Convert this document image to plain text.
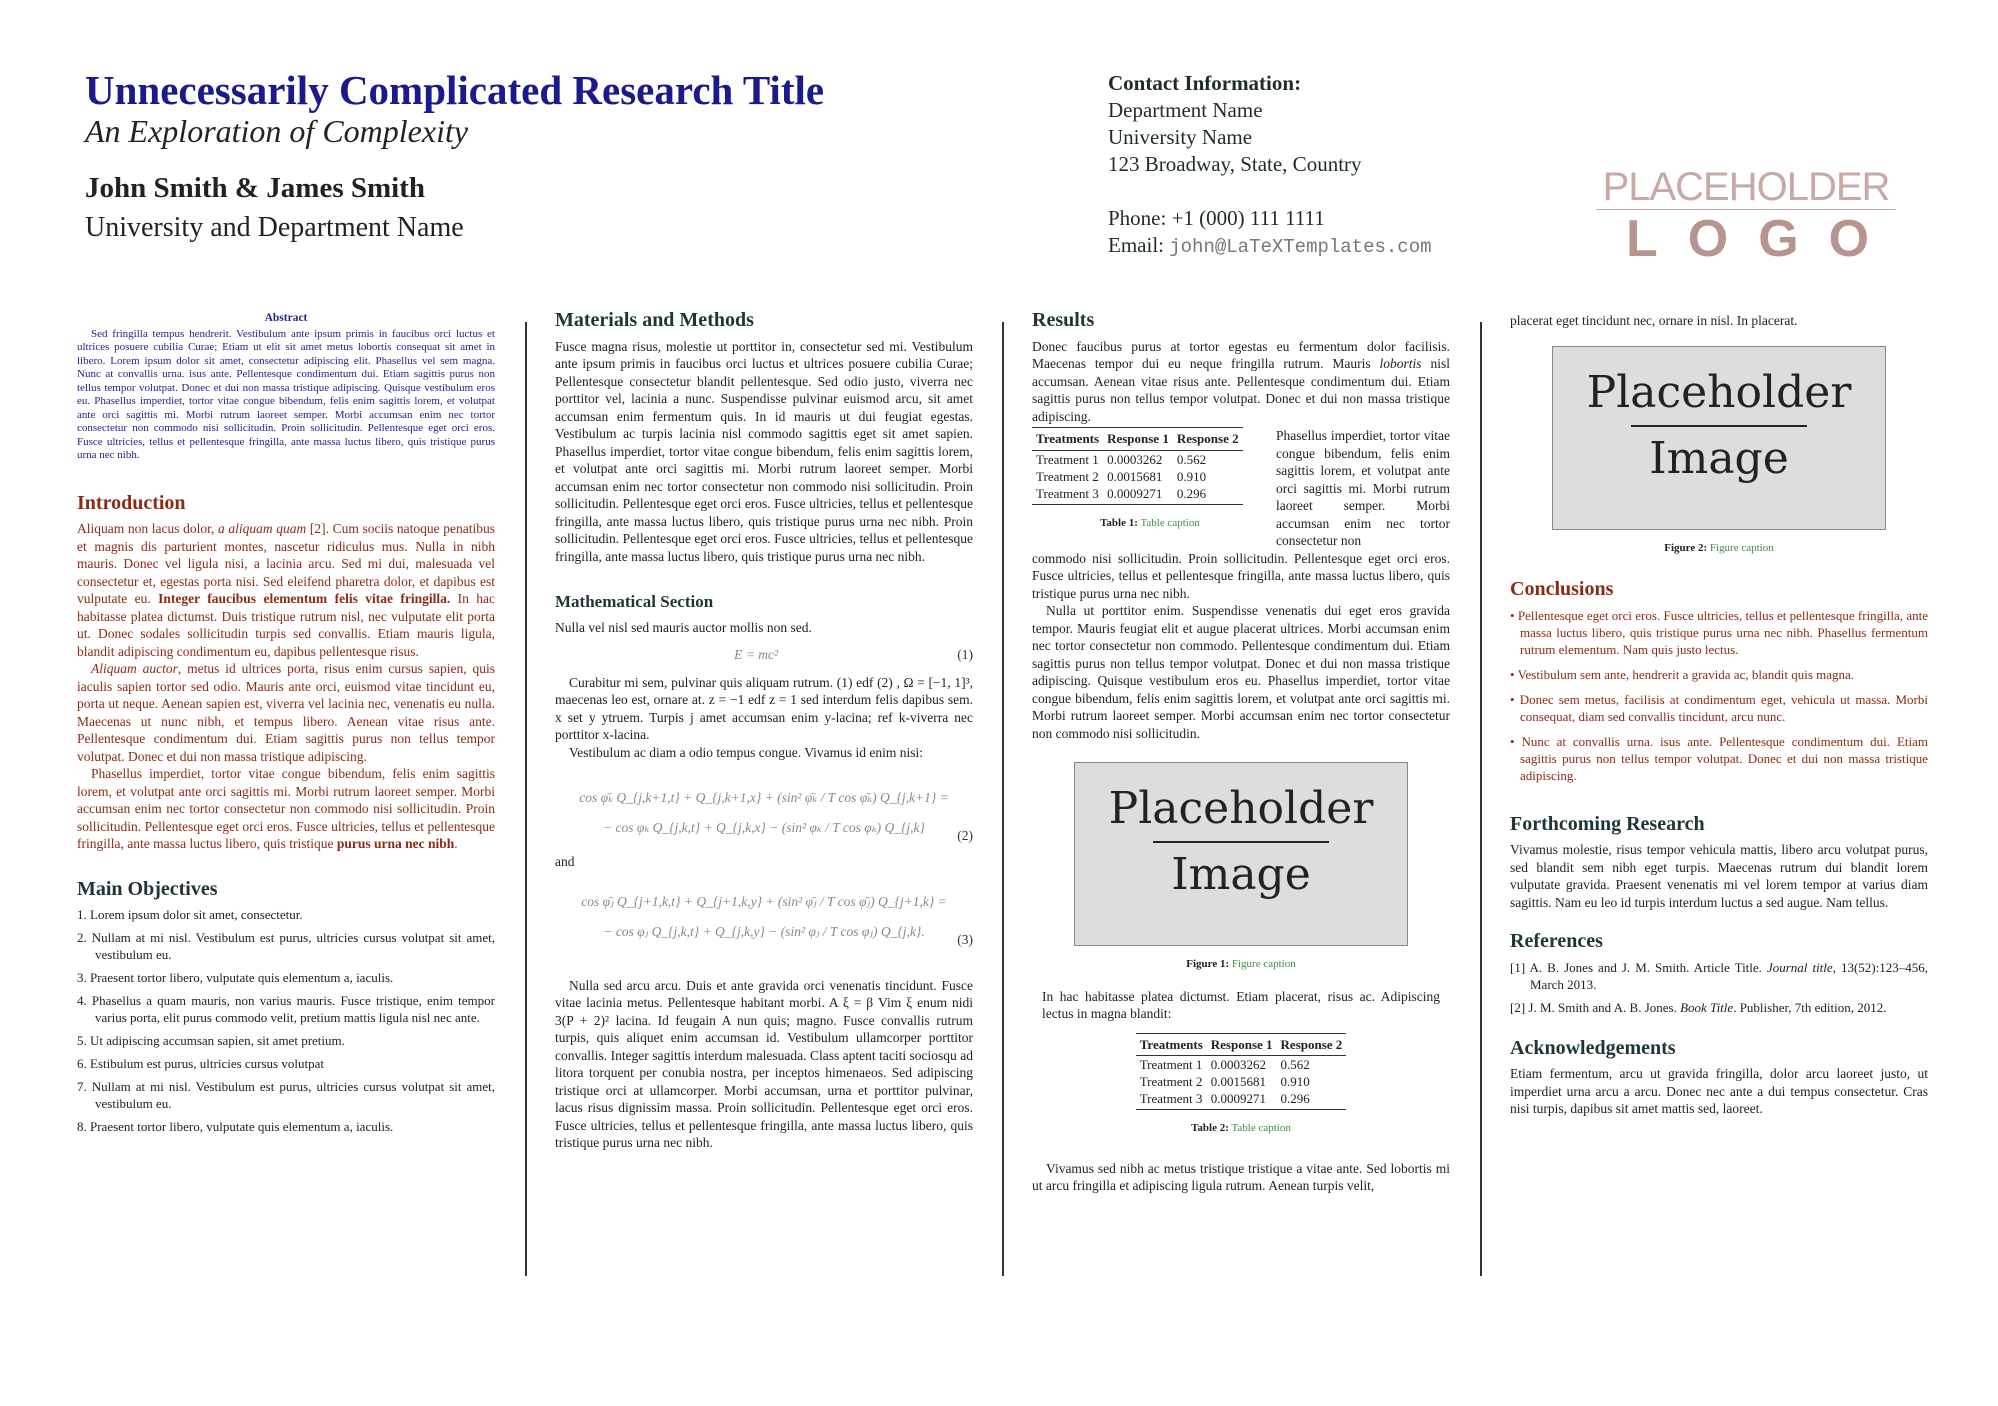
Unnecessarily Complicated Research Title
An Exploration of Complexity
John Smith & James Smith
University and Department Name
Contact Information:
Department Name
University Name
123 Broadway, State, Country
Phone: +1 (000) 111 1111
Email: john@LaTeXTemplates.com
PLACEHOLDER
LOGO
Abstract

Sed fringilla tempus hendrerit. Vestibulum ante ipsum primis in faucibus orci luctus et ultrices posuere cubilia Curae; Etiam ut elit sit amet metus lobortis consequat sit amet in libero. Lorem ipsum dolor sit amet, consectetur adipiscing elit. Phasellus vel sem magna. Nunc at convallis urna. isus ante. Pellentesque condimentum dui. Etiam sagittis purus non tellus tempor volutpat. Donec et dui non massa tristique adipiscing. Quisque vestibulum eros eu. Phasellus imperdiet, tortor vitae congue bibendum, felis enim sagittis lorem, et volutpat ante orci sagittis mi. Morbi rutrum laoreet semper. Morbi accumsan enim nec tortor consectetur non commodo nisi sollicitudin. Proin sollicitudin. Pellentesque eget orci eros. Fusce ultricies, tellus et pellentesque fringilla, ante massa luctus libero, quis tristique purus urna nec nibh.

Introduction

Aliquam non lacus dolor, a aliquam quam [2]. Cum sociis natoque penatibus et magnis dis parturient montes, nascetur ridiculus mus. Nulla in nibh mauris. Donec vel ligula nisi, a lacinia arcu. Sed mi dui, malesuada vel consectetur et, egestas porta nisi. Sed eleifend pharetra dolor, et dapibus est vulputate eu. Integer faucibus elementum felis vitae fringilla. In hac habitasse platea dictumst. Duis tristique rutrum nisl, nec vulputate elit porta ut. Donec sodales sollicitudin turpis sed convallis. Etiam mauris ligula, blandit adipiscing condimentum eu, dapibus pellentesque risus.

Aliquam auctor, metus id ultrices porta, risus enim cursus sapien, quis iaculis sapien tortor sed odio. Mauris ante orci, euismod vitae tincidunt eu, porta ut neque. Aenean sapien est, viverra vel lacinia nec, venenatis eu nulla. Maecenas ut nunc nibh, et tempus libero. Aenean vitae risus ante. Pellentesque condimentum dui. Etiam sagittis purus non tellus tempor volutpat. Donec et dui non massa tristique adipiscing.

Phasellus imperdiet, tortor vitae congue bibendum, felis enim sagittis lorem, et volutpat ante orci sagittis mi. Morbi rutrum laoreet semper. Morbi accumsan enim nec tortor consectetur non commodo nisi sollicitudin. Proin sollicitudin. Pellentesque eget orci eros. Fusce ultricies, tellus et pellentesque fringilla, ante massa luctus libero, quis tristique purus urna nec nibh.

Main Objectives
1. Lorem ipsum dolor sit amet, consectetur.
2. Nullam at mi nisl. Vestibulum est purus, ultricies cursus volutpat sit amet, vestibulum eu.
3. Praesent tortor libero, vulputate quis elementum a, iaculis.
4. Phasellus a quam mauris, non varius mauris. Fusce tristique, enim tempor varius porta, elit purus commodo velit, pretium mattis ligula nisl nec ante.
5. Ut adipiscing accumsan sapien, sit amet pretium.
6. Estibulum est purus, ultricies cursus volutpat
7. Nullam at mi nisl. Vestibulum est purus, ultricies cursus volutpat sit amet, vestibulum eu.
8. Praesent tortor libero, vulputate quis elementum a, iaculis.
Materials and Methods

Fusce magna risus, molestie ut porttitor in, consectetur sed mi. Vestibulum ante ipsum primis in faucibus orci luctus et ultrices posuere cubilia Curae; Pellentesque consectetur blandit pellentesque. Sed odio justo, viverra nec porttitor vel, lacinia a nunc. Suspendisse pulvinar euismod arcu, sit amet accumsan enim fermentum quis. In id mauris ut dui feugiat egestas. Vestibulum ac turpis lacinia nisl commodo sagittis eget sit amet sapien. Phasellus imperdiet, tortor vitae congue bibendum, felis enim sagittis lorem, et volutpat ante orci sagittis mi. Morbi rutrum laoreet semper. Morbi accumsan enim nec tortor consectetur non commodo nisi sollicitudin. Proin sollicitudin. Pellentesque eget orci eros. Fusce ultricies, tellus et pellentesque fringilla, ante massa luctus libero, quis tristique purus urna nec nibh. Proin sollicitudin. Pellentesque eget orci eros. Fusce ultricies, tellus et pellentesque fringilla, ante massa luctus libero, quis tristique purus urna nec nibh.

Mathematical Section

Nulla vel nisl sed mauris auctor mollis non sed.

E = mc²	(1)

Curabitur mi sem, pulvinar quis aliquam rutrum. (1) edf (2) , Ω = [−1, 1]³, maecenas leo est, ornare at. z = −1 edf z = 1 sed interdum felis dapibus sem. x set y ytruem. Turpis j amet accumsan enim y-lacina; ref k-viverra nec porttitor x-lacina.

Vestibulum ac diam a odio tempus congue. Vivamus id enim nisi:

cos φ̄ₖ Q_{j,k+1,t} + Q_{j,k+1,x} + (sin² φ̄ₖ / T cos φ̄ₖ) Q_{j,k+1} =
− cos φₖ Q_{j,k,t} + Q_{j,k,x} − (sin² φₖ / T cos φₖ) Q_{j,k}
(2)

and

cos φ̄ⱼ Q_{j+1,k,t} + Q_{j+1,k,y} + (sin² φ̄ⱼ / T cos φ̄ⱼ) Q_{j+1,k} =
− cos φⱼ Q_{j,k,t} + Q_{j,k,y} − (sin² φⱼ / T cos φⱼ) Q_{j,k}.
(3)

Nulla sed arcu arcu. Duis et ante gravida orci venenatis tincidunt. Fusce vitae lacinia metus. Pellentesque habitant morbi. A ξ = β Vim ξ enum nidi 3(P + 2)² lacina. Id feugain A nun quis; magno. Fusce convallis rutrum turpis, quis aliquet enim accumsan id. Vestibulum ullamcorper porttitor convallis. Integer sagittis interdum malesuada. Class aptent taciti sociosqu ad litora torquent per conubia nostra, per inceptos himenaeos. Sed adipiscing tristique orci at ullamcorper. Morbi accumsan, urna et porttitor pulvinar, lacus risus dignissim massa. Proin sollicitudin. Pellentesque eget orci eros. Fusce ultricies, tellus et pellentesque fringilla, ante massa luctus libero, quis tristique purus urna nec nibh.

Results

Donec faucibus purus at tortor egestas eu fermentum dolor facilisis. Maecenas tempor dui eu neque fringilla rutrum. Mauris lobortis nisl accumsan. Aenean vitae risus ante. Pellentesque condimentum dui. Etiam sagittis purus non tellus tempor volutpat. Donec et dui non massa tristique adipiscing.

Treatments	Response 1	Response 2
Treatment 1	0.0003262	0.562
Treatment 2	0.0015681	0.910
Treatment 3	0.0009271	0.296
Table 1: Table caption
Phasellus imperdiet, tortor vitae congue bibendum, felis enim sagittis lorem, et volutpat ante orci sagittis mi. Morbi rutrum laoreet semper. Morbi accumsan enim nec tortor consectetur non

commodo nisi sollicitudin. Proin sollicitudin. Pellentesque eget orci eros. Fusce ultricies, tellus et pellentesque fringilla, ante massa luctus libero, quis tristique purus urna nec nibh.

Nulla ut porttitor enim. Suspendisse venenatis dui eget eros gravida tempor. Mauris feugiat elit et augue placerat ultrices. Morbi accumsan enim nec tortor consectetur non commodo. Pellentesque condimentum dui. Etiam sagittis purus non tellus tempor volutpat. Donec et dui non massa tristique adipiscing. Quisque vestibulum eros eu. Phasellus imperdiet, tortor vitae congue bibendum, felis enim sagittis lorem, et volutpat ante orci sagittis mi. Morbi rutrum laoreet semper. Morbi accumsan enim nec tortor consectetur non commodo nisi sollicitudin.

Placeholder
Image
Figure 1: Figure caption

In hac habitasse platea dictumst. Etiam placerat, risus ac. Adipiscing lectus in magna blandit:

Treatments	Response 1	Response 2
Treatment 1	0.0003262	0.562
Treatment 2	0.0015681	0.910
Treatment 3	0.0009271	0.296
Table 2: Table caption

Vivamus sed nibh ac metus tristique tristique a vitae ante. Sed lobortis mi ut arcu fringilla et adipiscing ligula rutrum. Aenean turpis velit,

placerat eget tincidunt nec, ornare in nisl. In placerat.

Placeholder
Image
Figure 2: Figure caption
Conclusions
• Pellentesque eget orci eros. Fusce ultricies, tellus et pellentesque fringilla, ante massa luctus libero, quis tristique purus urna nec nibh. Phasellus fermentum rutrum elementum. Nam quis justo lectus.
• Vestibulum sem ante, hendrerit a gravida ac, blandit quis magna.
• Donec sem metus, facilisis at condimentum eget, vehicula ut massa. Morbi consequat, diam sed convallis tincidunt, arcu nunc.
• Nunc at convallis urna. isus ante. Pellentesque condimentum dui. Etiam sagittis purus non tellus tempor volutpat. Donec et dui non massa tristique adipiscing.
Forthcoming Research

Vivamus molestie, risus tempor vehicula mattis, libero arcu volutpat purus, sed blandit sem nibh eget turpis. Maecenas rutrum dui blandit lorem vulputate gravida. Praesent venenatis mi vel lorem tempor at varius diam sagittis. Nam eu leo id turpis interdum luctus a sed augue. Nam tellus.

References
[1] A. B. Jones and J. M. Smith. Article Title. Journal title, 13(52):123–456, March 2013.
[2] J. M. Smith and A. B. Jones. Book Title. Publisher, 7th edition, 2012.
Acknowledgements

Etiam fermentum, arcu ut gravida fringilla, dolor arcu laoreet justo, ut imperdiet urna arcu a arcu. Donec nec ante a dui tempus consectetur. Cras nisi turpis, dapibus sit amet mattis sed, laoreet.
